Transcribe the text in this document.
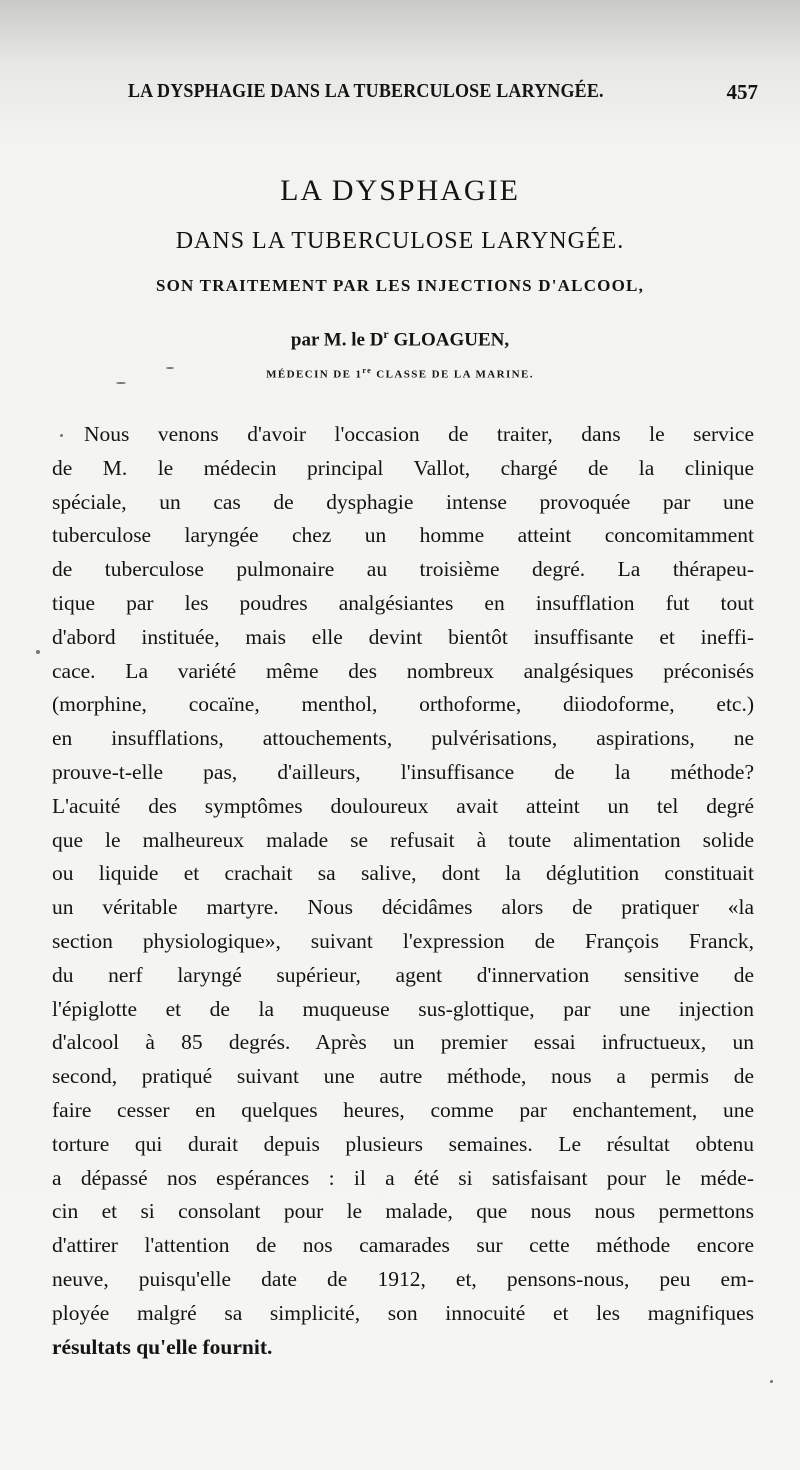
LA DYSPHAGIE DANS LA TUBERCULOSE LARYNGÉE.	457
LA DYSPHAGIE
DANS LA TUBERCULOSE LARYNGÉE.
SON TRAITEMENT PAR LES INJECTIONS D'ALCOOL,
par M. le $D^r$ GLOAGUEN,
MÉDECIN DE 1re CLASSE DE LA MARINE.
Nous venons d'avoir l'occasion de traiter, dans le service
de M. le médecin principal Vallot, chargé de la clinique
spéciale, un cas de dysphagie intense provoquée par une
tuberculose laryngée chez un homme atteint concomitamment
de tuberculose pulmonaire au troisième degré. La thérapeu-
tique par les poudres analgésiantes en insufflation fut tout
d'abord instituée, mais elle devint bientôt insuffisante et ineffi-
cace. La variété même des nombreux analgésiques préconisés
(morphine, cocaïne, menthol, orthoforme, diiodoforme, etc.)
en insufflations, attouchements, pulvérisations, aspirations, ne
prouve-t-elle pas, d'ailleurs, l'insuffisance de la méthode?
L'acuité des symptômes douloureux avait atteint un tel degré
que le malheureux malade se refusait à toute alimentation solide
ou liquide et crachait sa salive, dont la déglutition constituait
un véritable martyre. Nous décidâmes alors de pratiquer «la
section physiologique», suivant l'expression de François Franck,
du nerf laryngé supérieur, agent d'innervation sensitive de
l'épiglotte et de la muqueuse sus-glottique, par une injection
d'alcool à 85 degrés. Après un premier essai infructueux, un
second, pratiqué suivant une autre méthode, nous a permis de
faire cesser en quelques heures, comme par enchantement, une
torture qui durait depuis plusieurs semaines. Le résultat obtenu
a dépassé nos espérances : il a été si satisfaisant pour le méde-
cin et si consolant pour le malade, que nous nous permettons
d'attirer l'attention de nos camarades sur cette méthode encore
neuve, puisqu'elle date de 1912, et, pensons-nous, peu em-
ployée malgré sa simplicité, son innocuité et les magnifiques
résultats qu'elle fournit.
